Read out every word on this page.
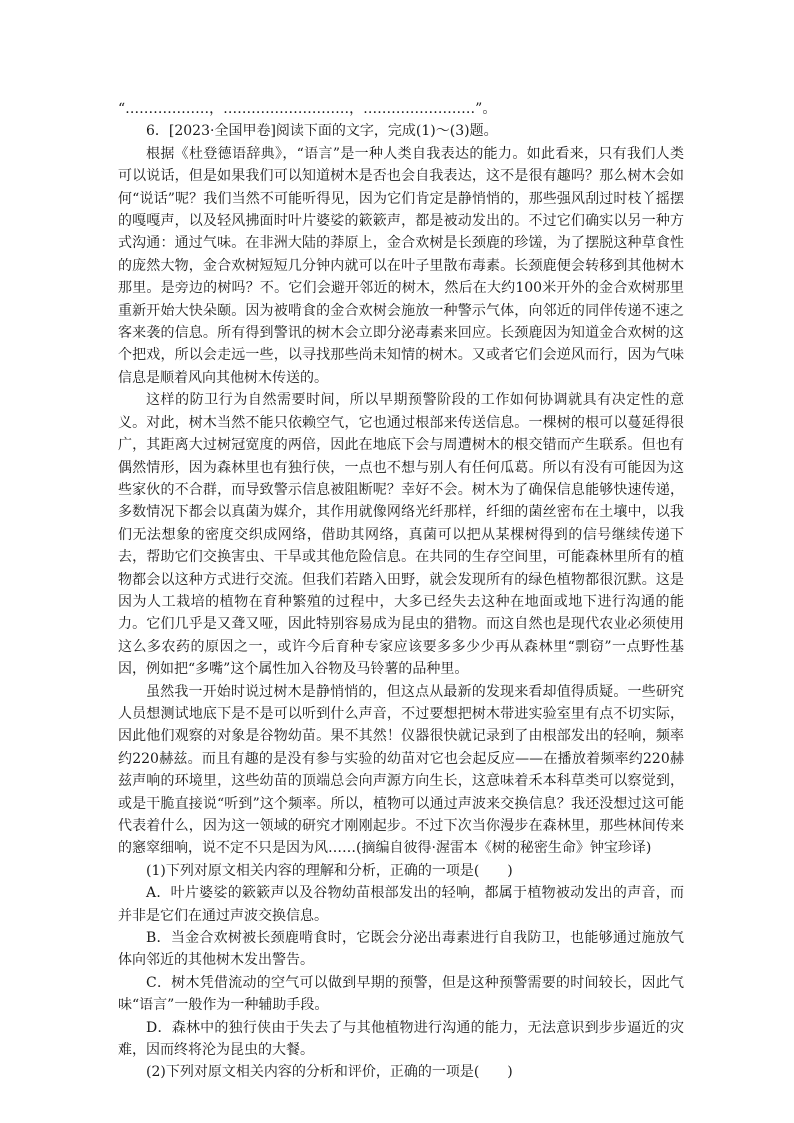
“………………，………………………，……………………”。

6．[2023·全国甲卷]阅读下面的文字，完成(1)～(3)题。

根据《杜登德语辞典》，“语言”是一种人类自我表达的能力。如此看来，只有我们人类可以说话，但是如果我们可以知道树木是否也会自我表达，这不是很有趣吗？那么树木会如何“说话”呢？我们当然不可能听得见，因为它们肯定是静悄悄的，那些强风刮过时枝丫摇摆的嘎嘎声，以及轻风拂面时叶片婆娑的簌簌声，都是被动发出的。不过它们确实以另一种方式沟通：通过气味。在非洲大陆的莽原上，金合欢树是长颈鹿的珍馐，为了摆脱这种草食性的庞然大物，金合欢树短短几分钟内就可以在叶子里散布毒素。长颈鹿便会转移到其他树木那里。是旁边的树吗？不。它们会避开邻近的树木，然后在大约100米开外的金合欢树那里重新开始大快朵颐。因为被啃食的金合欢树会施放一种警示气体，向邻近的同伴传递不速之客来袭的信息。所有得到警讯的树木会立即分泌毒素来回应。长颈鹿因为知道金合欢树的这个把戏，所以会走远一些，以寻找那些尚未知情的树木。又或者它们会逆风而行，因为气味信息是顺着风向其他树木传送的。

这样的防卫行为自然需要时间，所以早期预警阶段的工作如何协调就具有决定性的意义。对此，树木当然不能只依赖空气，它也通过根部来传送信息。一棵树的根可以蔓延得很广，其距离大过树冠宽度的两倍，因此在地底下会与周遭树木的根交错而产生联系。但也有偶然情形，因为森林里也有独行侠，一点也不想与别人有任何瓜葛。所以有没有可能因为这些家伙的不合群，而导致警示信息被阻断呢？幸好不会。树木为了确保信息能够快速传递，多数情况下都会以真菌为媒介，其作用就像网络光纤那样，纤细的菌丝密布在土壤中，以我们无法想象的密度交织成网络，借助其网络，真菌可以把从某棵树得到的信号继续传递下去，帮助它们交换害虫、干旱或其他危险信息。在共同的生存空间里，可能森林里所有的植物都会以这种方式进行交流。但我们若踏入田野，就会发现所有的绿色植物都很沉默。这是因为人工栽培的植物在育种繁殖的过程中，大多已经失去这种在地面或地下进行沟通的能力。它们几乎是又聋又哑，因此特别容易成为昆虫的猎物。而这自然也是现代农业必须使用这么多农药的原因之一，或许今后育种专家应该要多多少少再从森林里“剽窃”一点野性基因，例如把“多嘴”这个属性加入谷物及马铃薯的品种里。

虽然我一开始时说过树木是静悄悄的，但这点从最新的发现来看却值得质疑。一些研究人员想测试地底下是不是可以听到什么声音，不过要想把树木带进实验室里有点不切实际，因此他们观察的对象是谷物幼苗。果不其然！仪器很快就记录到了由根部发出的轻响，频率约220赫兹。而且有趣的是没有参与实验的幼苗对它也会起反应——在播放着频率约220赫兹声响的环境里，这些幼苗的顶端总会向声源方向生长，这意味着禾本科草类可以察觉到，或是干脆直接说“听到”这个频率。所以，植物可以通过声波来交换信息？我还没想过这可能代表着什么，因为这一领域的研究才刚刚起步。不过下次当你漫步在森林里，那些林间传来的窸窣细响，说不定不只是因为风……(摘编自彼得·渥雷本《树的秘密生命》钟宝珍译)

(1)下列对原文相关内容的理解和分析，正确的一项是(　　)

A．叶片婆娑的簌簌声以及谷物幼苗根部发出的轻响，都属于植物被动发出的声音，而并非是它们在通过声波交换信息。

B．当金合欢树被长颈鹿啃食时，它既会分泌出毒素进行自我防卫，也能够通过施放气体向邻近的其他树木发出警告。

C．树木凭借流动的空气可以做到早期的预警，但是这种预警需要的时间较长，因此气味“语言”一般作为一种辅助手段。

D．森林中的独行侠由于失去了与其他植物进行沟通的能力，无法意识到步步逼近的灾难，因而终将沦为昆虫的大餐。

(2)下列对原文相关内容的分析和评价，正确的一项是(　　)
